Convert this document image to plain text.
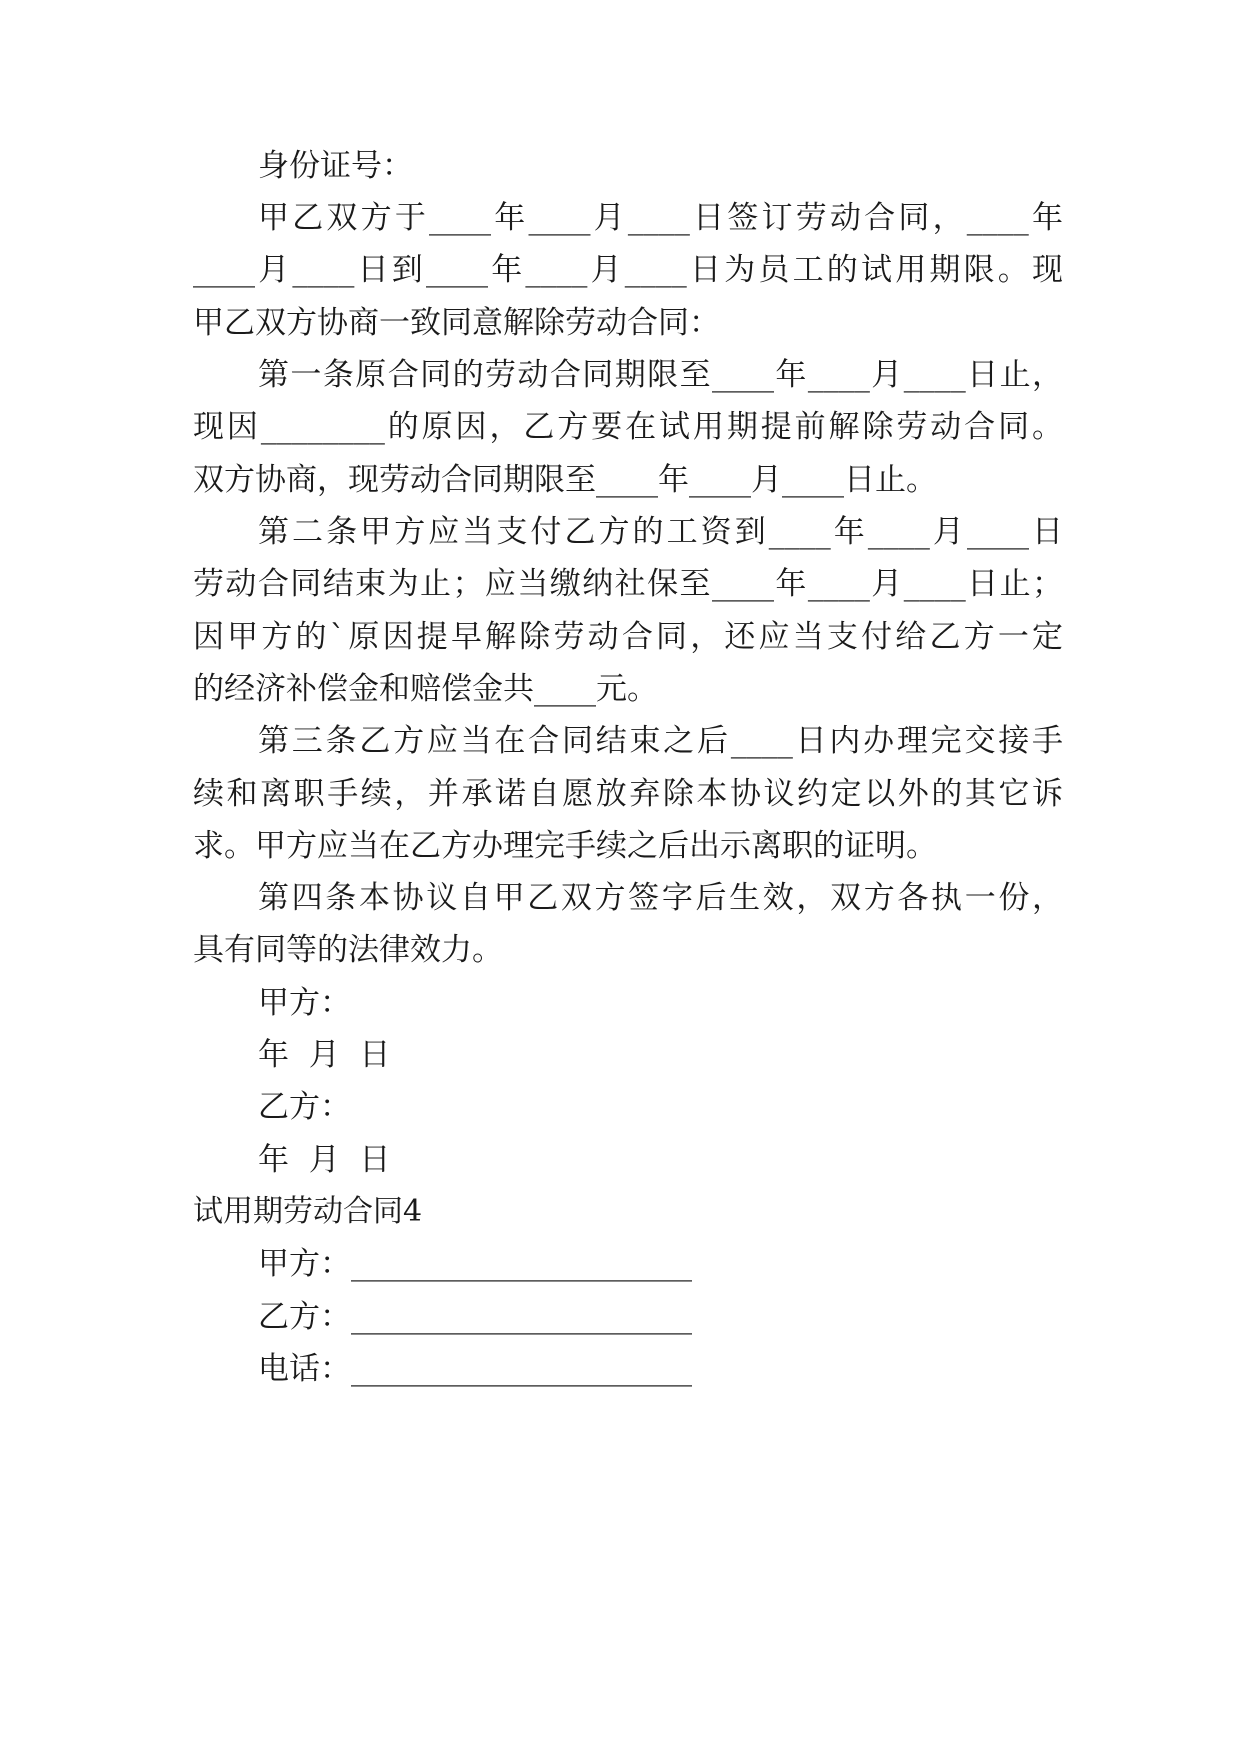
身份证号：
甲乙双方于____年____月____日签订劳动合同，____年
____月____日到____年____月____日为员工的试用期限。现
甲乙双方协商一致同意解除劳动合同：
第一条原合同的劳动合同期限至____年____月____日止，
现因________的原因，乙方要在试用期提前解除劳动合同。
双方协商，现劳动合同期限至____年____月____日止。
第二条甲方应当支付乙方的工资到____年____月____日
劳动合同结束为止；应当缴纳社保至____年____月____日止；
因甲方的`原因提早解除劳动合同，还应当支付给乙方一定
的经济补偿金和赔偿金共____元。
第三条乙方应当在合同结束之后____日内办理完交接手
续和离职手续，并承诺自愿放弃除本协议约定以外的其它诉
求。甲方应当在乙方办理完手续之后出示离职的证明。
第四条本协议自甲乙双方签字后生效，双方各执一份，
具有同等的法律效力。
甲方：
年  月  日
乙方：
年  月  日
试用期劳动合同4
甲方：______________________
乙方：______________________
电话：______________________
